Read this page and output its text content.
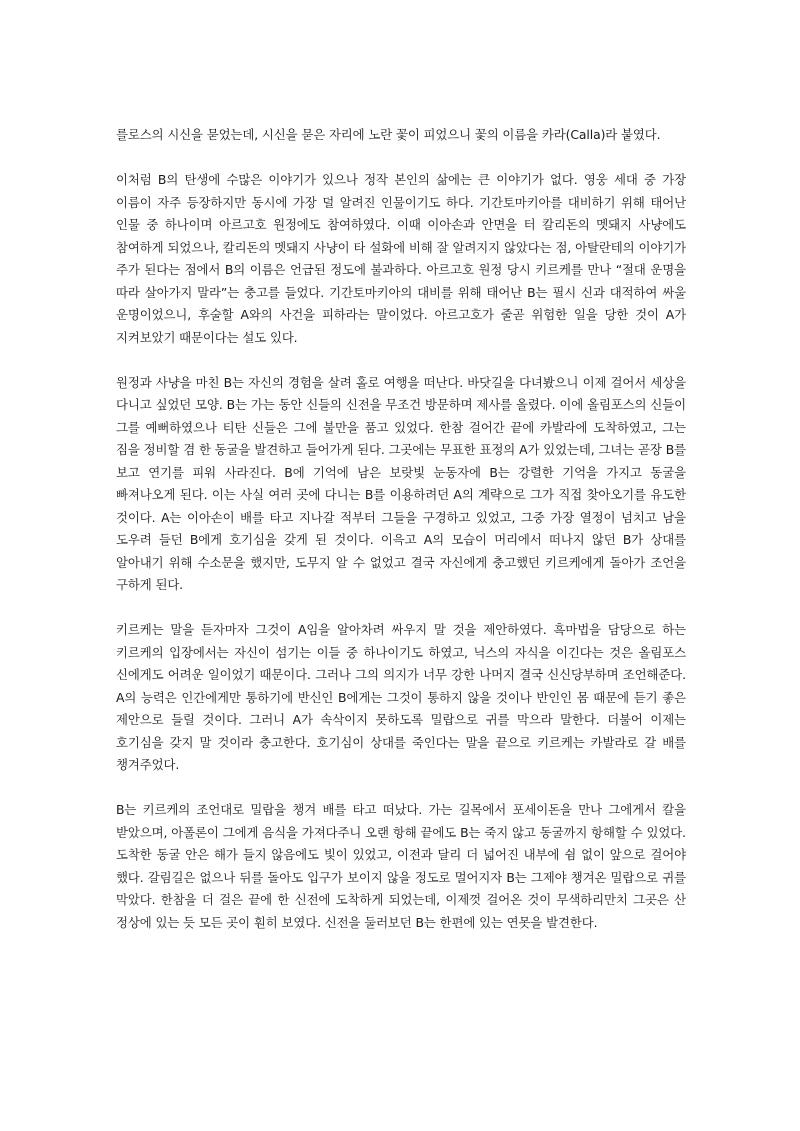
를로스의 시신을 묻었는데, 시신을 묻은 자리에 노란 꽃이 피었으니 꽃의 이름을 카라(Calla)라 붙였다.

이처럼 B의 탄생에 수많은 이야기가 있으나 정작 본인의 삶에는 큰 이야기가 없다. 영웅 세대 중 가장 이름이 자주 등장하지만 동시에 가장 덜 알려진 인물이기도 하다. 기간토마키아를 대비하기 위해 태어난 인물 중 하나이며 아르고호 원정에도 참여하였다. 이때 이아손과 안면을 터 칼리돈의 멧돼지 사냥에도 참여하게 되었으나, 칼리돈의 멧돼지 사냥이 타 설화에 비해 잘 알려지지 않았다는 점, 아탈란테의 이야기가 주가 된다는 점에서 B의 이름은 언급된 정도에 불과하다. 아르고호 원정 당시 키르케를 만나 “절대 운명을 따라 살아가지 말라”는 충고를 들었다. 기간토마키아의 대비를 위해 태어난 B는 필시 신과 대적하여 싸울 운명이었으니, 후술할 A와의 사건을 피하라는 말이었다. 아르고호가 줄곧 위험한 일을 당한 것이 A가 지켜보았기 때문이다는 설도 있다.

원정과 사냥을 마친 B는 자신의 경험을 살려 홀로 여행을 떠난다. 바닷길을 다녀봤으니 이제 걸어서 세상을 다니고 싶었던 모양. B는 가는 동안 신들의 신전을 무조건 방문하며 제사를 올렸다. 이에 올림포스의 신들이 그를 예뻐하였으나 티탄 신들은 그에 불만을 품고 있었다. 한참 걸어간 끝에 카발라에 도착하였고, 그는 짐을 정비할 겸 한 동굴을 발견하고 들어가게 된다. 그곳에는 무표한 표정의 A가 있었는데, 그녀는 곧장 B를 보고 연기를 피워 사라진다. B에 기억에 남은 보랏빛 눈동자에 B는 강렬한 기억을 가지고 동굴을 빠져나오게 된다. 이는 사실 여러 곳에 다니는 B를 이용하려던 A의 계략으로 그가 직접 찾아오기를 유도한 것이다. A는 이아손이 배를 타고 지나갈 적부터 그들을 구경하고 있었고, 그중 가장 열정이 넘치고 남을 도우려 들던 B에게 호기심을 갖게 된 것이다. 이윽고 A의 모습이 머리에서 떠나지 않던 B가 상대를 알아내기 위해 수소문을 했지만, 도무지 알 수 없었고 결국 자신에게 충고했던 키르케에게 돌아가 조언을 구하게 된다.

키르케는 말을 듣자마자 그것이 A임을 알아차려 싸우지 말 것을 제안하였다. 흑마법을 담당으로 하는 키르케의 입장에서는 자신이 섬기는 이들 중 하나이기도 하였고, 닉스의 자식을 이긴다는 것은 올림포스 신에게도 어려운 일이었기 때문이다. 그러나 그의 의지가 너무 강한 나머지 결국 신신당부하며 조언해준다. A의 능력은 인간에게만 통하기에 반신인 B에게는 그것이 통하지 않을 것이나 반인인 몸 때문에 듣기 좋은 제안으로 들릴 것이다. 그러니 A가 속삭이지 못하도록 밀랍으로 귀를 막으라 말한다. 더불어 이제는 호기심을 갖지 말 것이라 충고한다. 호기심이 상대를 죽인다는 말을 끝으로 키르케는 카발라로 갈 배를 챙겨주었다.

B는 키르케의 조언대로 밀랍을 챙겨 배를 타고 떠났다. 가는 길목에서 포세이돈을 만나 그에게서 칼을 받았으며, 아폴론이 그에게 음식을 가져다주니 오랜 항해 끝에도 B는 죽지 않고 동굴까지 항해할 수 있었다. 도착한 동굴 안은 해가 들지 않음에도 빛이 있었고, 이전과 달리 더 넓어진 내부에 쉼 없이 앞으로 걸어야 했다. 갈림길은 없으나 뒤를 돌아도 입구가 보이지 않을 정도로 멀어지자 B는 그제야 챙겨온 밀랍으로 귀를 막았다. 한참을 더 걸은 끝에 한 신전에 도착하게 되었는데, 이제껏 걸어온 것이 무색하리만치 그곳은 산 정상에 있는 듯 모든 곳이 훤히 보였다. 신전을 둘러보던 B는 한편에 있는 연못을 발견한다.
